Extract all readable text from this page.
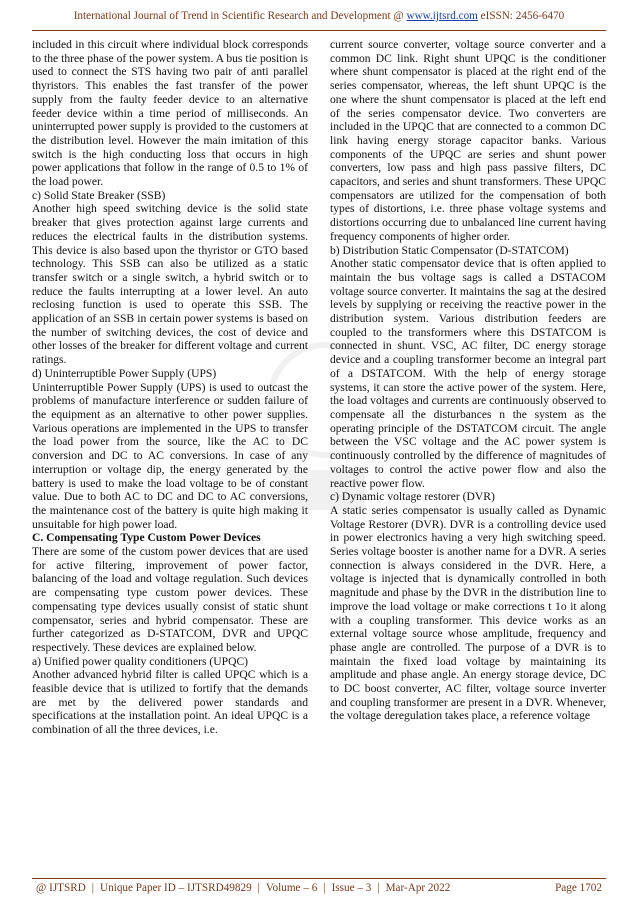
International Journal of Trend in Scientific Research and Development @ www.ijtsrd.com eISSN: 2456-6470

included in this circuit where individual block corresponds to the three phase of the power system. A bus tie position is used to connect the STS having two pair of anti parallel thyristors. This enables the fast transfer of the power supply from the faulty feeder device to an alternative feeder device within a time period of milliseconds. An uninterrupted power supply is provided to the customers at the distribution level. However the main imitation of this switch is the high conducting loss that occurs in high power applications that follow in the range of 0.5 to 1% of the load power.

c) Solid State Breaker (SSB)

Another high speed switching device is the solid state breaker that gives protection against large currents and reduces the electrical faults in the distribution systems. This device is also based upon the thyristor or GTO based technology. This SSB can also be utilized as a static transfer switch or a single switch, a hybrid switch or to reduce the faults interrupting at a lower level. An auto reclosing function is used to operate this SSB. The application of an SSB in certain power systems is based on the number of switching devices, the cost of device and other losses of the breaker for different voltage and current ratings.

d) Uninterruptible Power Supply (UPS)

Uninterruptible Power Supply (UPS) is used to outcast the problems of manufacture interference or sudden failure of the equipment as an alternative to other power supplies. Various operations are implemented in the UPS to transfer the load power from the source, like the AC to DC conversion and DC to AC conversions. In case of any interruption or voltage dip, the energy generated by the battery is used to make the load voltage to be of constant value. Due to both AC to DC and DC to AC conversions, the maintenance cost of the battery is quite high making it unsuitable for high power load.

C. Compensating Type Custom Power Devices

There are some of the custom power devices that are used for active filtering, improvement of power factor, balancing of the load and voltage regulation. Such devices are compensating type custom power devices. These compensating type devices usually consist of static shunt compensator, series and hybrid compensator. These are further categorized as D-STATCOM, DVR and UPQC respectively. These devices are explained below.

a) Unified power quality conditioners (UPQC)

Another advanced hybrid filter is called UPQC which is a feasible device that is utilized to fortify that the demands are met by the delivered power standards and specifications at the installation point. An ideal UPQC is a combination of all the three devices, i.e.

current source converter, voltage source converter and a common DC link. Right shunt UPQC is the conditioner where shunt compensator is placed at the right end of the series compensator, whereas, the left shunt UPQC is the one where the shunt compensator is placed at the left end of the series compensator device. Two converters are included in the UPQC that are connected to a common DC link having energy storage capacitor banks. Various components of the UPQC are series and shunt power converters, low pass and high pass passive filters, DC capacitors, and series and shunt transformers. These UPQC compensators are utilized for the compensation of both types of distortions, i.e. three phase voltage systems and distortions occurring due to unbalanced line current having frequency components of higher order.

b) Distribution Static Compensator (D-STATCOM)

Another static compensator device that is often applied to maintain the bus voltage sags is called a DSTACOM voltage source converter. It maintains the sag at the desired levels by supplying or receiving the reactive power in the distribution system. Various distribution feeders are coupled to the transformers where this DSTATCOM is connected in shunt. VSC, AC filter, DC energy storage device and a coupling transformer become an integral part of a DSTATCOM. With the help of energy storage systems, it can store the active power of the system. Here, the load voltages and currents are continuously observed to compensate all the disturbances n the system as the operating principle of the DSTATCOM circuit. The angle between the VSC voltage and the AC power system is continuously controlled by the difference of magnitudes of voltages to control the active power flow and also the reactive power flow.

c) Dynamic voltage restorer (DVR)

A static series compensator is usually called as Dynamic Voltage Restorer (DVR). DVR is a controlling device used in power electronics having a very high switching speed. Series voltage booster is another name for a DVR. A series connection is always considered in the DVR. Here, a voltage is injected that is dynamically controlled in both magnitude and phase by the DVR in the distribution line to improve the load voltage or make corrections t 1o it along with a coupling transformer. This device works as an external voltage source whose amplitude, frequency and phase angle are controlled. The purpose of a DVR is to maintain the fixed load voltage by maintaining its amplitude and phase angle. An energy storage device, DC to DC boost converter, AC filter, voltage source inverter and coupling transformer are present in a DVR. Whenever, the voltage deregulation takes place, a reference voltage

@ IJTSRD | Unique Paper ID – IJTSRD49829 | Volume – 6 | Issue – 3 | Mar-Apr 2022	Page 1702
